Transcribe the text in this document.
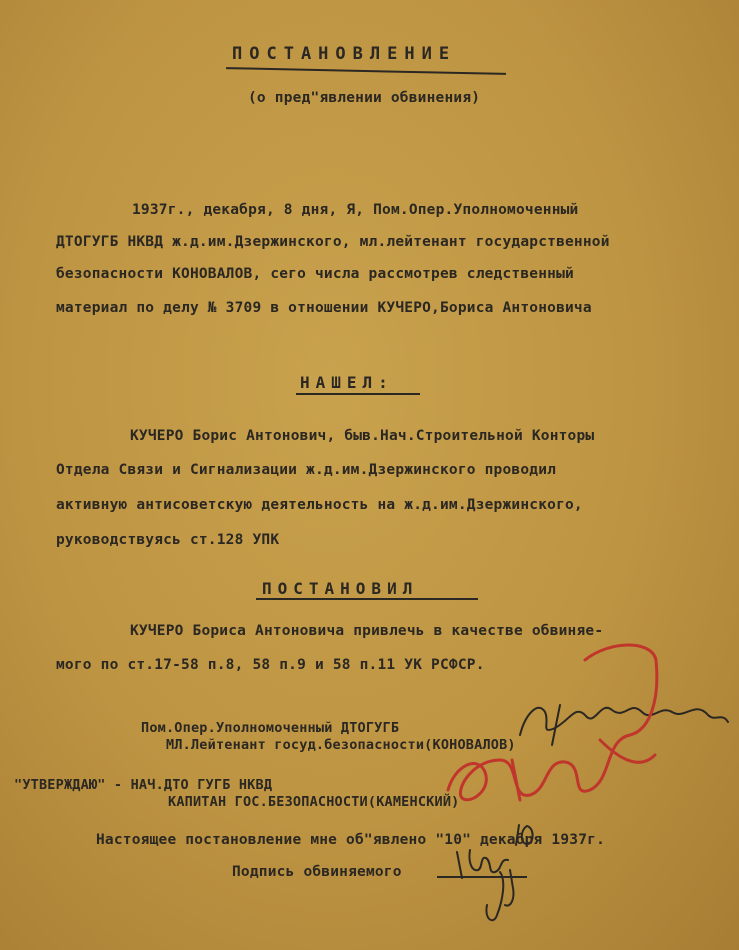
ПОСТАНОВЛЕНИЕ
(о пред"явлении обвинения)
1937г., декабря, 8 дня, Я, Пом.Опер.Уполномоченный
ДТОГУГБ НКВД ж.д.им.Дзержинского, мл.лейтенант государственной
безопасности КОНОВАЛОВ, сего числа рассмотрев следственный
материал по делу № 3709 в отношении КУЧЕРО,Бориса Антоновича
НАШЕЛ:
КУЧЕРО Борис Антонович, быв.Нач.Строительной Конторы
Отдела Связи и Сигнализации ж.д.им.Дзержинского проводил
активную антисоветскую деятельность на ж.д.им.Дзержинского,
руководствуясь ст.128 УПК
ПОСТАНОВИЛ
КУЧЕРО Бориса Антоновича привлечь в качестве обвиняе-
мого по ст.17-58 п.8, 58 п.9 и 58 п.11 УК РСФСР.
Пом.Опер.Уполномоченный ДТОГУГБ
МЛ.Лейтенант госуд.безопасности(КОНОВАЛОВ)
"УТВЕРЖДАЮ" - НАЧ.ДТО ГУГБ НКВД
КАПИТАН ГОС.БЕЗОПАСНОСТИ(КАМЕНСКИЙ)
Настоящее постановление мне об"явлено "10" декабря 1937г.
Подпись обвиняемого
